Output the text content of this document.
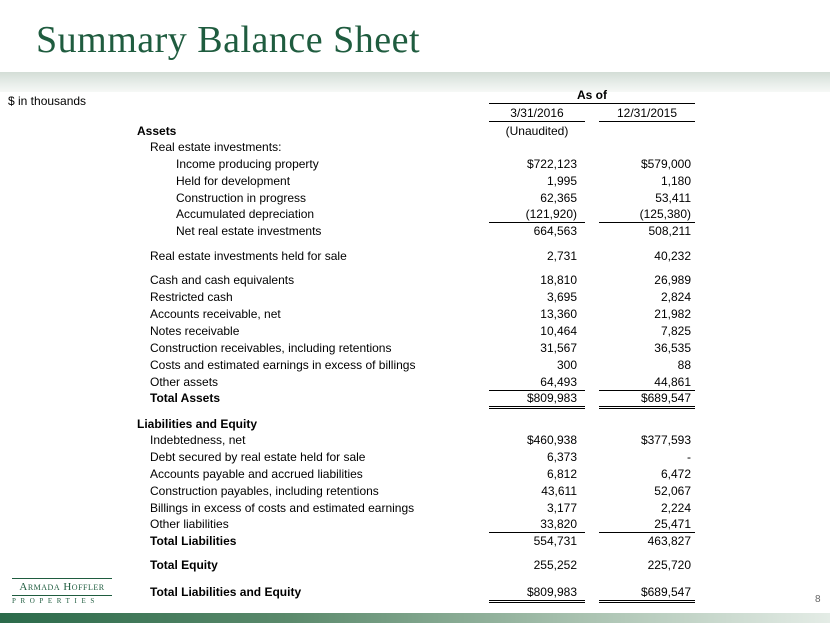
Summary Balance Sheet
$ in thousands	As of
3/31/2016	12/31/2015
Assets	(Unaudited)
Real estate investments:
Income producing property	$722,123	$579,000
Held for development	1,995	1,180
Construction in progress	62,365	53,411
Accumulated depreciation	(121,920)	(125,380)
Net real estate investments	664,563	508,211
Real estate investments held for sale	2,731	40,232
Cash and cash equivalents	18,810	26,989
Restricted cash	3,695	2,824
Accounts receivable, net	13,360	21,982
Notes receivable	10,464	7,825
Construction receivables, including retentions	31,567	36,535
Costs and estimated earnings in excess of billings	300	88
Other assets	64,493	44,861
Total Assets	$809,983	$689,547
Liabilities and Equity
Indebtedness, net	$460,938	$377,593
Debt secured by real estate held for sale	6,373	-
Accounts payable and accrued liabilities	6,812	6,472
Construction payables, including retentions	43,611	52,067
Billings in excess of costs and estimated earnings	3,177	2,224
Other liabilities	33,820	25,471
Total Liabilities	554,731	463,827
Total Equity	255,252	225,720
Total Liabilities and Equity	$809,983	$689,547
Armada Hoffler
PROPERTIES	8
